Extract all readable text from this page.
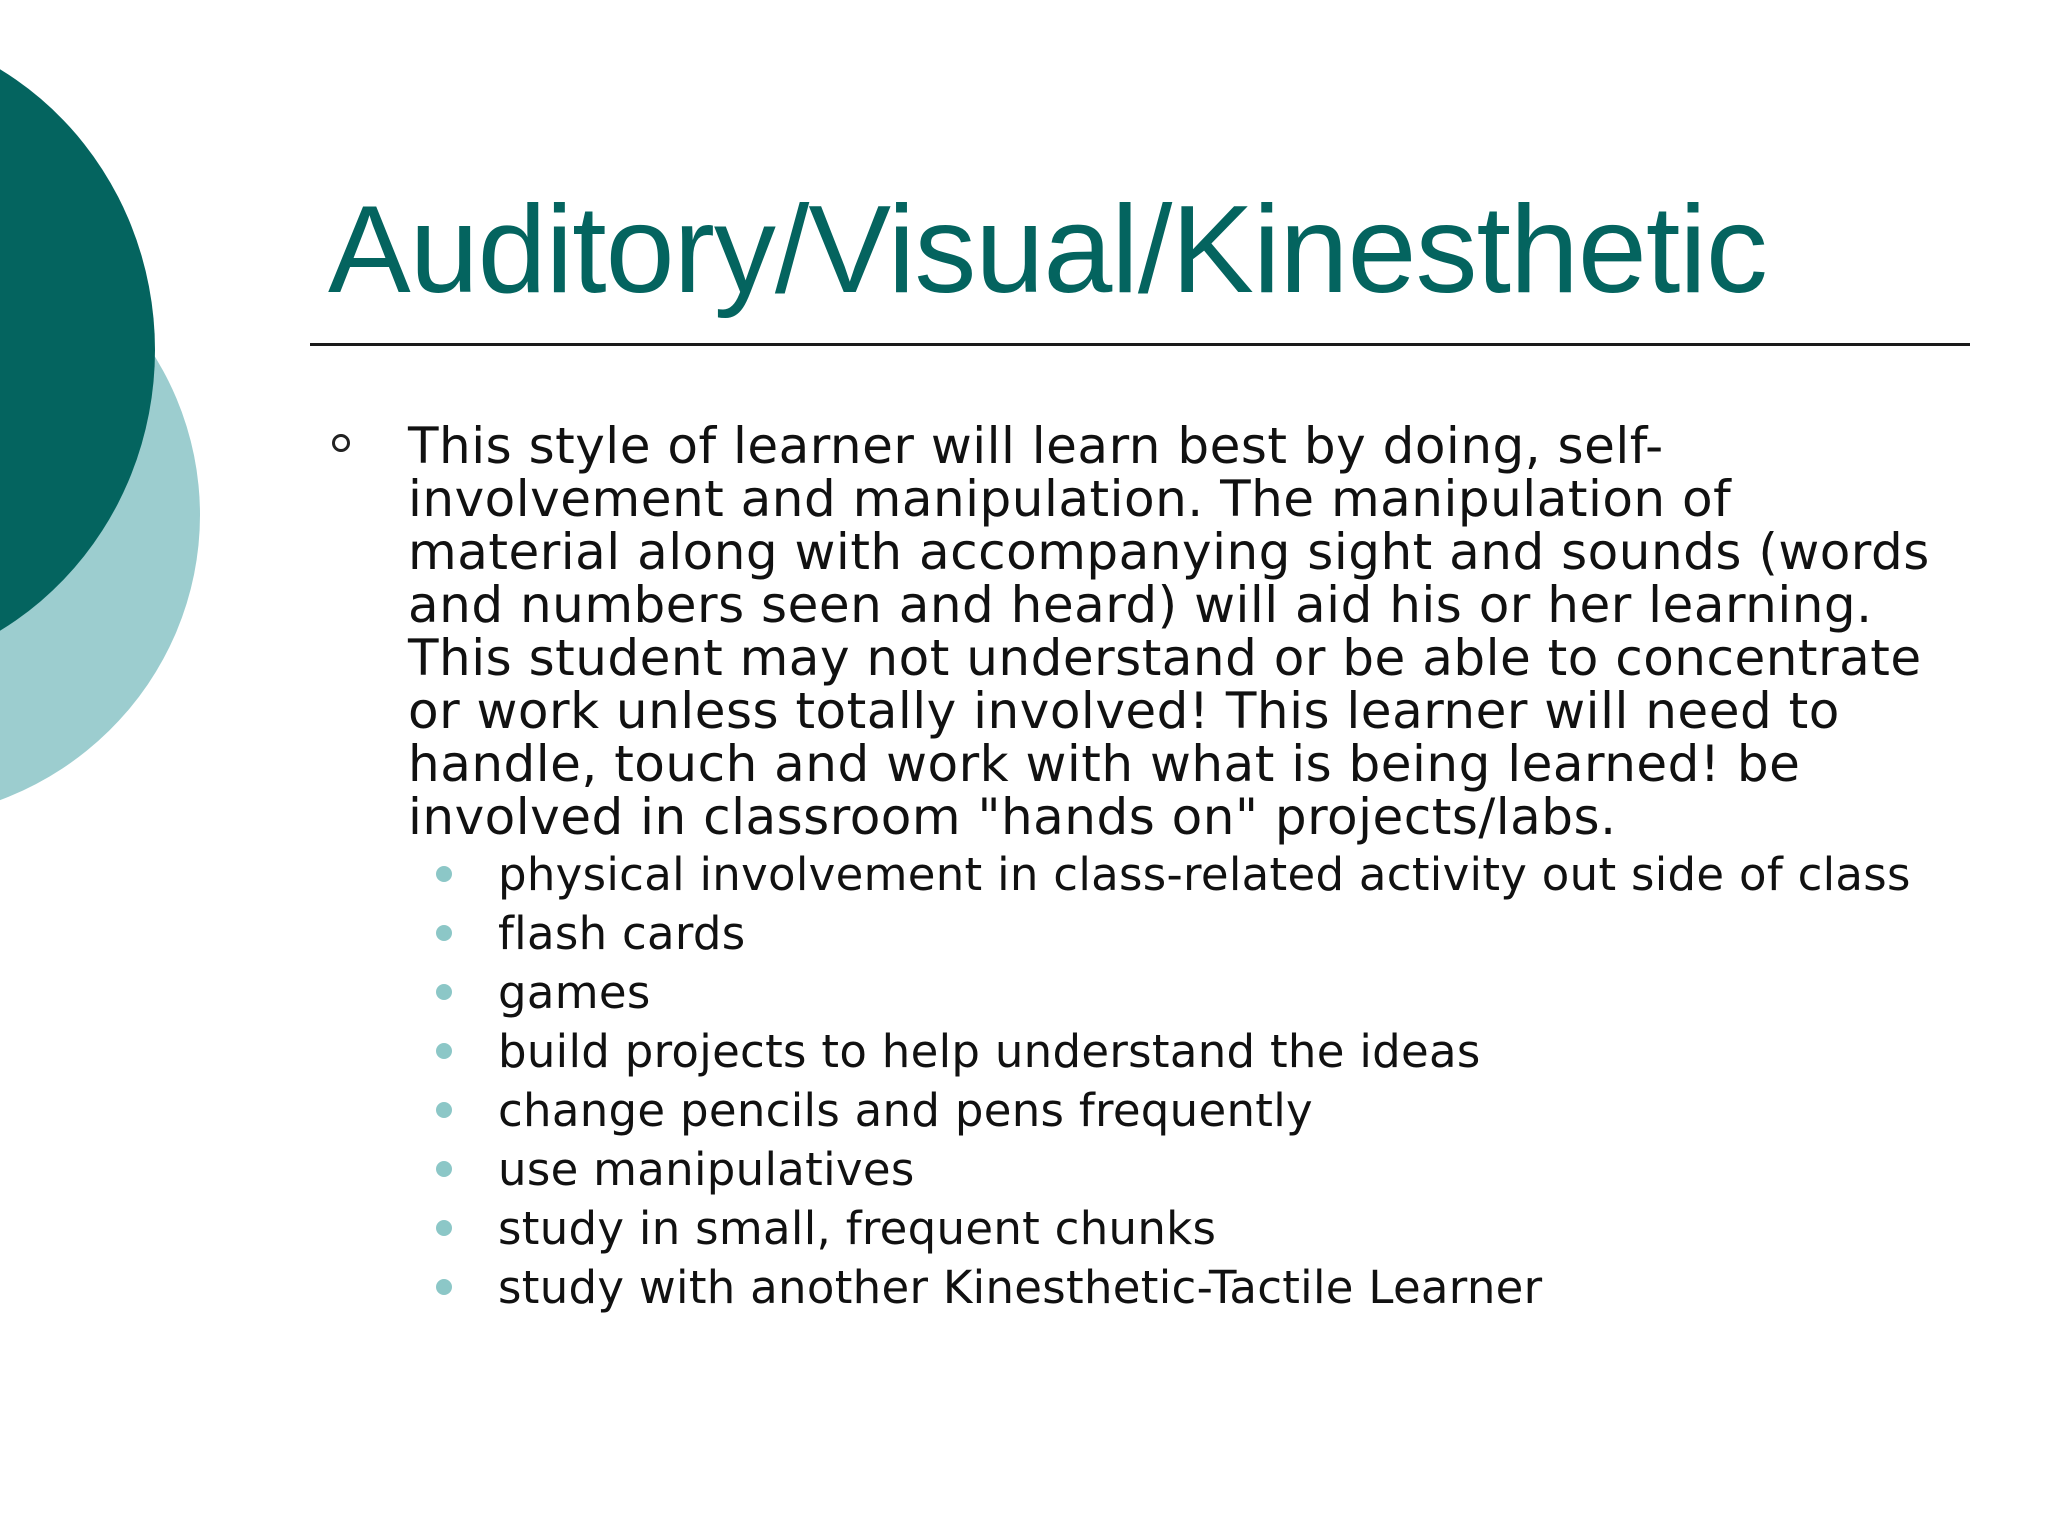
Auditory/Visual/Kinesthetic

This style of learner will learn best by doing, self-involvement and manipulation. The manipulation of material along with accompanying sight and sounds (words and numbers seen and heard) will aid his or her learning. This student may not understand or be able to concentrate or work unless totally involved! This learner will need to handle, touch and work with what is being learned! be involved in classroom "hands on" projects/labs.

physical involvement in class-related activity out side of class
flash cards
games
build projects to help understand the ideas
change pencils and pens frequently
use manipulatives
study in small, frequent chunks
study with another Kinesthetic-Tactile Learner
